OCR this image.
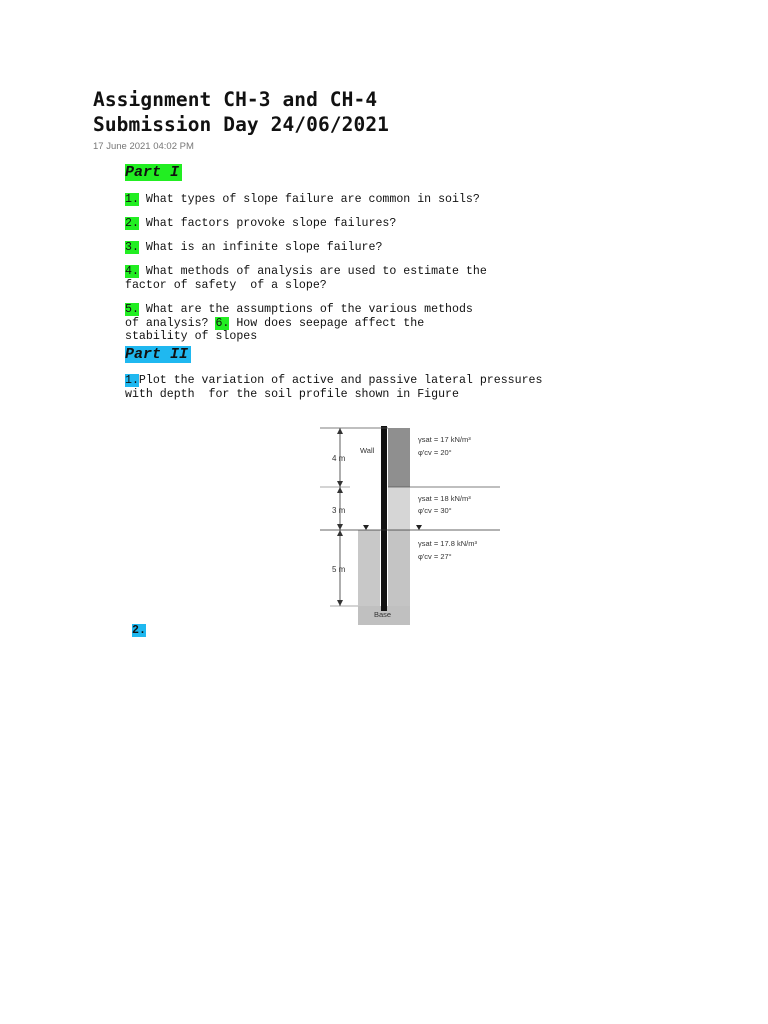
Assignment CH-3 and CH-4
Submission Day 24/06/2021
17 June 2021 04:02 PM
Part I
1. What types of slope failure are common in soils?
2. What factors provoke slope failures?
3. What is an infinite slope failure?
4. What methods of analysis are used to estimate the
factor of safety  of a slope?
5. What are the assumptions of the various methods
of analysis? 6. How does seepage affect the
stability of slopes
Part II
1.Plot the variation of active and passive lateral pressures
with depth  for the soil profile shown in Figure
4 m
3 m
5 m
Wall
Base
γsat = 17 kN/m³
φ′cv = 20°
γsat = 18 kN/m³
φ′cv = 30°
γsat = 17.8 kN/m³
φ′cv = 27°
2.
